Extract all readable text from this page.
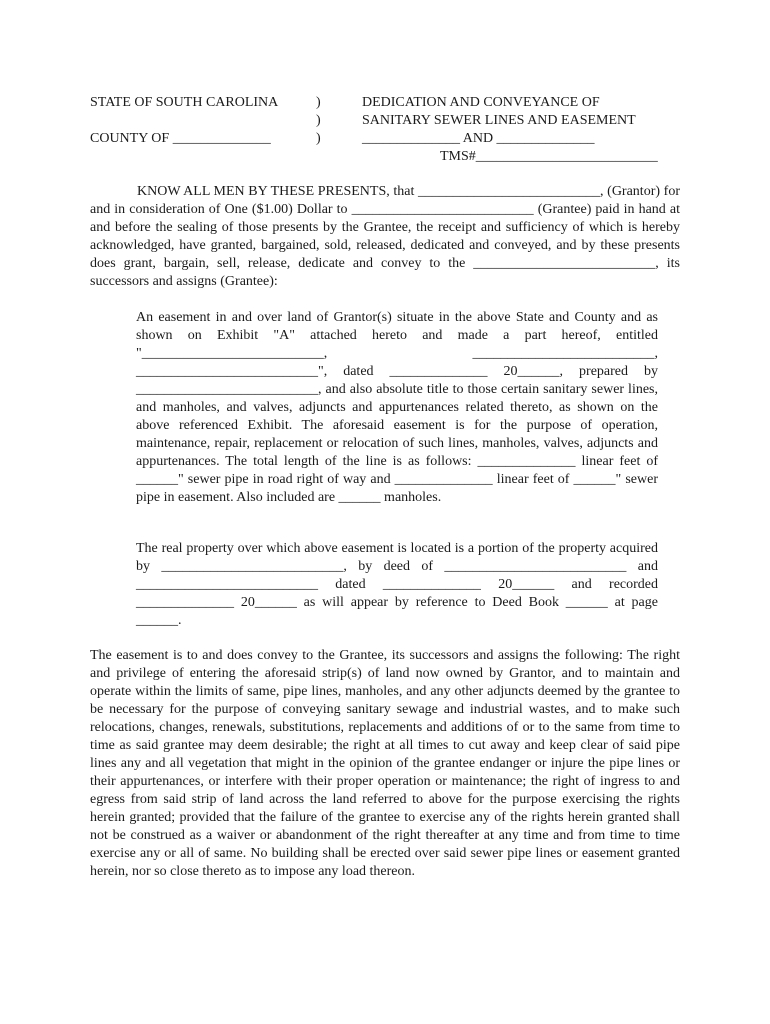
STATE OF SOUTH CAROLINA
COUNTY OF ______________
)
)
)
DEDICATION AND CONVEYANCE OF
SANITARY SEWER LINES AND EASEMENT
______________ AND ______________
TMS#__________________________
KNOW ALL MEN BY THESE PRESENTS, that __________________________, (Grantor) for and in consideration of One ($1.00) Dollar to __________________________ (Grantee) paid in hand at and before the sealing of those presents by the Grantee, the receipt and sufficiency of which is hereby acknowledged, have granted, bargained, sold, released, dedicated and conveyed, and by these presents does grant, bargain, sell, release, dedicate and convey to the __________________________, its successors and assigns (Grantee):
An easement in and over land of Grantor(s) situate in the above State and County and as shown on Exhibit "A" attached hereto and made a part hereof, entitled "__________________________, __________________________, __________________________", dated ______________ 20______, prepared by __________________________, and also absolute title to those certain sanitary sewer lines, and manholes, and valves, adjuncts and appurtenances related thereto, as shown on the above referenced Exhibit. The aforesaid easement is for the purpose of operation, maintenance, repair, replacement or relocation of such lines, manholes, valves, adjuncts and appurtenances. The total length of the line is as follows: ______________ linear feet of ______" sewer pipe in road right of way and ______________ linear feet of ______" sewer pipe in easement. Also included are ______ manholes.
The real property over which above easement is located is a portion of the property acquired by __________________________, by deed of __________________________ and __________________________ dated ______________ 20______ and recorded ______________ 20______ as will appear by reference to Deed Book ______ at page ______.
The easement is to and does convey to the Grantee, its successors and assigns the following: The right and privilege of entering the aforesaid strip(s) of land now owned by Grantor, and to maintain and operate within the limits of same, pipe lines, manholes, and any other adjuncts deemed by the grantee to be necessary for the purpose of conveying sanitary sewage and industrial wastes, and to make such relocations, changes, renewals, substitutions, replacements and additions of or to the same from time to time as said grantee may deem desirable; the right at all times to cut away and keep clear of said pipe lines any and all vegetation that might in the opinion of the grantee endanger or injure the pipe lines or their appurtenances, or interfere with their proper operation or maintenance; the right of ingress to and egress from said strip of land across the land referred to above for the purpose exercising the rights herein granted; provided that the failure of the grantee to exercise any of the rights herein granted shall not be construed as a waiver or abandonment of the right thereafter at any time and from time to time exercise any or all of same. No building shall be erected over said sewer pipe lines or easement granted herein, nor so close thereto as to impose any load thereon.
